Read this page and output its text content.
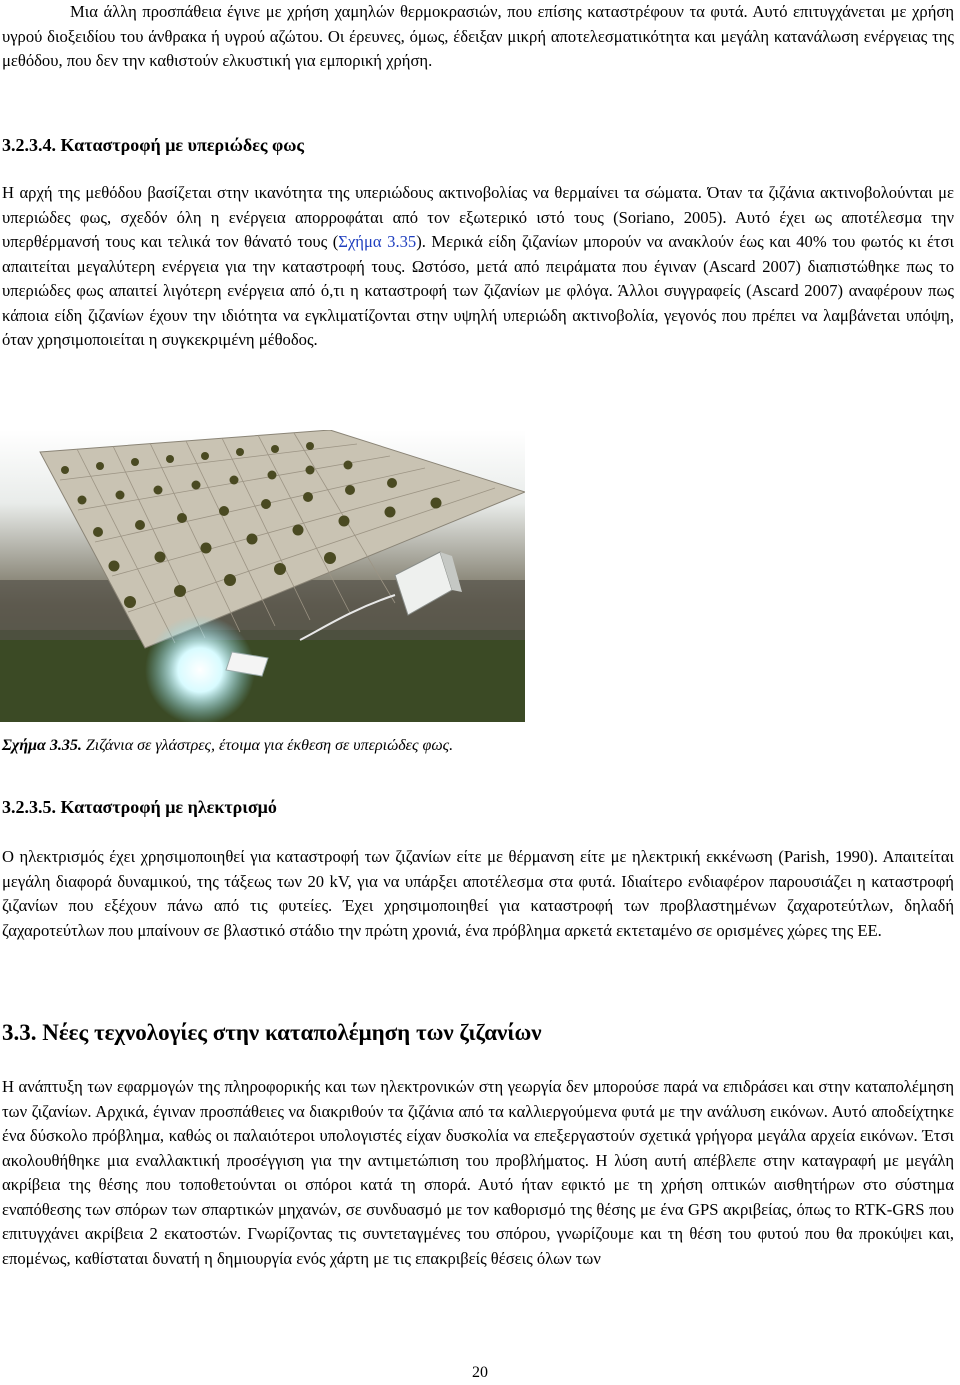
Μια άλλη προσπάθεια έγινε με χρήση χαμηλών θερμοκρασιών, που επίσης καταστρέφουν τα φυτά. Αυτό επιτυγχάνεται με χρήση υγρού διοξειδίου του άνθρακα ή υγρού αζώτου. Οι έρευνες, όμως, έδειξαν μικρή αποτελεσματικότητα και μεγάλη κατανάλωση ενέργειας της μεθόδου, που δεν την καθιστούν ελκυστική για εμπορική χρήση.

3.2.3.4. Καταστροφή με υπεριώδες φως

Η αρχή της μεθόδου βασίζεται στην ικανότητα της υπεριώδους ακτινοβολίας να θερμαίνει τα σώματα. Όταν τα ζιζάνια ακτινοβολούνται με υπεριώδες φως, σχεδόν όλη η ενέργεια απορροφάται από τον εξωτερικό ιστό τους (Soriano, 2005). Αυτό έχει ως αποτέλεσμα την υπερθέρμανσή τους και τελικά τον θάνατό τους (Σχήμα 3.35). Μερικά είδη ζιζανίων μπορούν να ανακλούν έως και 40% του φωτός κι έτσι απαιτείται μεγαλύτερη ενέργεια για την καταστροφή τους. Ωστόσο, μετά από πειράματα που έγιναν (Ascard 2007) διαπιστώθηκε πως το υπεριώδες φως απαιτεί λιγότερη ενέργεια από ό,τι η καταστροφή των ζιζανίων με φλόγα. Άλλοι συγγραφείς (Ascard 2007) αναφέρουν πως κάποια είδη ζιζανίων έχουν την ιδιότητα να εγκλιματίζονται στην υψηλή υπεριώδη ακτινοβολία, γεγονός που πρέπει να λαμβάνεται υπόψη, όταν χρησιμοποιείται η συγκεκριμένη μέθοδος.

Σχήμα 3.35. Ζιζάνια σε γλάστρες, έτοιμα για έκθεση σε υπεριώδες φως.

3.2.3.5. Καταστροφή με ηλεκτρισμό

Ο ηλεκτρισμός έχει χρησιμοποιηθεί για καταστροφή των ζιζανίων είτε με θέρμανση είτε με ηλεκτρική εκκένωση (Parish, 1990). Απαιτείται μεγάλη διαφορά δυναμικού, της τάξεως των 20 kV, για να υπάρξει αποτέλεσμα στα φυτά. Ιδιαίτερο ενδιαφέρον παρουσιάζει η καταστροφή ζιζανίων που εξέχουν πάνω από τις φυτείες. Έχει χρησιμοποιηθεί για καταστροφή των προβλαστημένων ζαχαροτεύτλων, δηλαδή ζαχαροτεύτλων που μπαίνουν σε βλαστικό στάδιο την πρώτη χρονιά, ένα πρόβλημα αρκετά εκτεταμένο σε ορισμένες χώρες της ΕΕ.

3.3. Νέες τεχνολογίες στην καταπολέμηση των ζιζανίων

Η ανάπτυξη των εφαρμογών της πληροφορικής και των ηλεκτρονικών στη γεωργία δεν μπορούσε παρά να επιδράσει και στην καταπολέμηση των ζιζανίων. Αρχικά, έγιναν προσπάθειες να διακριθούν τα ζιζάνια από τα καλλιεργούμενα φυτά με την ανάλυση εικόνων. Αυτό αποδείχτηκε ένα δύσκολο πρόβλημα, καθώς οι παλαιότεροι υπολογιστές είχαν δυσκολία να επεξεργαστούν σχετικά γρήγορα μεγάλα αρχεία εικόνων. Έτσι ακολουθήθηκε μια εναλλακτική προσέγγιση για την αντιμετώπιση του προβλήματος. Η λύση αυτή απέβλεπε στην καταγραφή με μεγάλη ακρίβεια της θέσης που τοποθετούνται οι σπόροι κατά τη σπορά. Αυτό ήταν εφικτό με τη χρήση οπτικών αισθητήρων στο σύστημα εναπόθεσης των σπόρων των σπαρτικών μηχανών, σε συνδυασμό με τον καθορισμό της θέσης με ένα GPS ακριβείας, όπως το RTK-GRS που επιτυγχάνει ακρίβεια 2 εκατοστών. Γνωρίζοντας τις συντεταγμένες του σπόρου, γνωρίζουμε και τη θέση του φυτού που θα προκύψει και, επομένως, καθίσταται δυνατή η δημιουργία ενός χάρτη με τις επακριβείς θέσεις όλων των

20
